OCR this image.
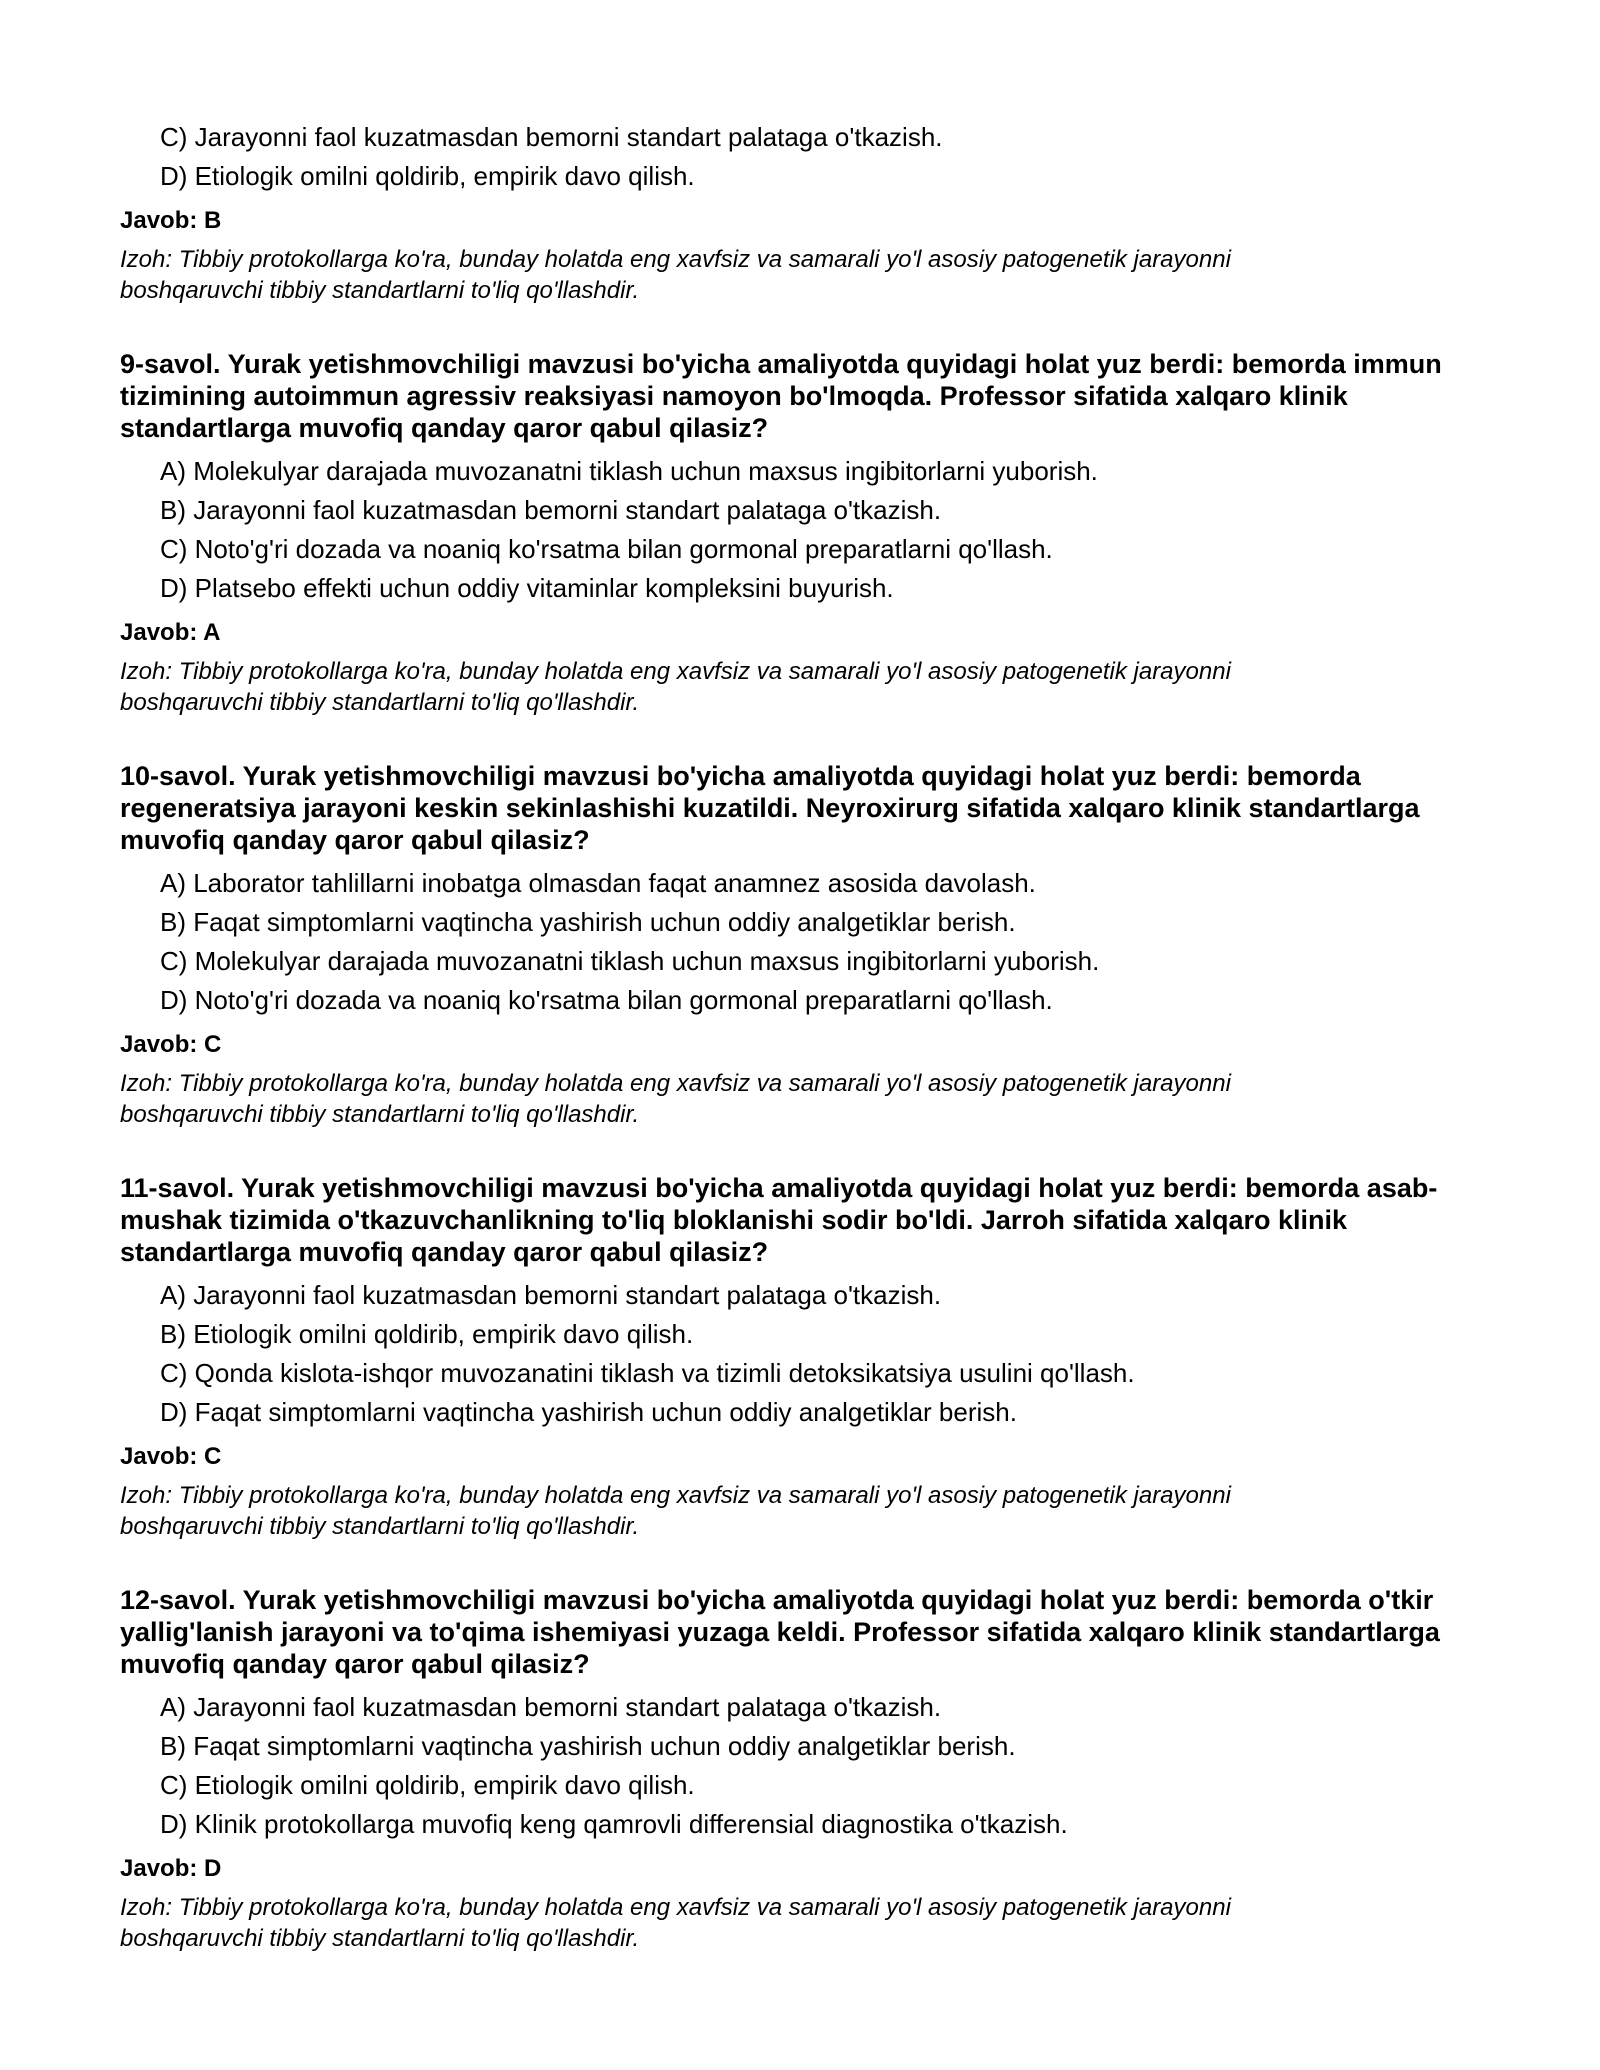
C) Jarayonni faol kuzatmasdan bemorni standart palataga o'tkazish.
D) Etiologik omilni qoldirib, empirik davo qilish.
Javob: B
Izoh: Tibbiy protokollarga ko'ra, bunday holatda eng xavfsiz va samarali yo'l asosiy patogenetik jarayonni boshqaruvchi tibbiy standartlarni to'liq qo'llashdir.
9-savol. Yurak yetishmovchiligi mavzusi bo'yicha amaliyotda quyidagi holat yuz berdi: bemorda immun tizimining autoimmun agressiv reaksiyasi namoyon bo'lmoqda. Professor sifatida xalqaro klinik standartlarga muvofiq qanday qaror qabul qilasiz?
A) Molekulyar darajada muvozanatni tiklash uchun maxsus ingibitorlarni yuborish.
B) Jarayonni faol kuzatmasdan bemorni standart palataga o'tkazish.
C) Noto'g'ri dozada va noaniq ko'rsatma bilan gormonal preparatlarni qo'llash.
D) Platsebo effekti uchun oddiy vitaminlar kompleksini buyurish.
Javob: A
Izoh: Tibbiy protokollarga ko'ra, bunday holatda eng xavfsiz va samarali yo'l asosiy patogenetik jarayonni boshqaruvchi tibbiy standartlarni to'liq qo'llashdir.
10-savol. Yurak yetishmovchiligi mavzusi bo'yicha amaliyotda quyidagi holat yuz berdi: bemorda regeneratsiya jarayoni keskin sekinlashishi kuzatildi. Neyroxirurg sifatida xalqaro klinik standartlarga muvofiq qanday qaror qabul qilasiz?
A) Laborator tahlillarni inobatga olmasdan faqat anamnez asosida davolash.
B) Faqat simptomlarni vaqtincha yashirish uchun oddiy analgetiklar berish.
C) Molekulyar darajada muvozanatni tiklash uchun maxsus ingibitorlarni yuborish.
D) Noto'g'ri dozada va noaniq ko'rsatma bilan gormonal preparatlarni qo'llash.
Javob: C
Izoh: Tibbiy protokollarga ko'ra, bunday holatda eng xavfsiz va samarali yo'l asosiy patogenetik jarayonni boshqaruvchi tibbiy standartlarni to'liq qo'llashdir.
11-savol. Yurak yetishmovchiligi mavzusi bo'yicha amaliyotda quyidagi holat yuz berdi: bemorda asab-mushak tizimida o'tkazuvchanlikning to'liq bloklanishi sodir bo'ldi. Jarroh sifatida xalqaro klinik standartlarga muvofiq qanday qaror qabul qilasiz?
A) Jarayonni faol kuzatmasdan bemorni standart palataga o'tkazish.
B) Etiologik omilni qoldirib, empirik davo qilish.
C) Qonda kislota-ishqor muvozanatini tiklash va tizimli detoksikatsiya usulini qo'llash.
D) Faqat simptomlarni vaqtincha yashirish uchun oddiy analgetiklar berish.
Javob: C
Izoh: Tibbiy protokollarga ko'ra, bunday holatda eng xavfsiz va samarali yo'l asosiy patogenetik jarayonni boshqaruvchi tibbiy standartlarni to'liq qo'llashdir.
12-savol. Yurak yetishmovchiligi mavzusi bo'yicha amaliyotda quyidagi holat yuz berdi: bemorda o'tkir yallig'lanish jarayoni va to'qima ishemiyasi yuzaga keldi. Professor sifatida xalqaro klinik standartlarga muvofiq qanday qaror qabul qilasiz?
A) Jarayonni faol kuzatmasdan bemorni standart palataga o'tkazish.
B) Faqat simptomlarni vaqtincha yashirish uchun oddiy analgetiklar berish.
C) Etiologik omilni qoldirib, empirik davo qilish.
D) Klinik protokollarga muvofiq keng qamrovli differensial diagnostika o'tkazish.
Javob: D
Izoh: Tibbiy protokollarga ko'ra, bunday holatda eng xavfsiz va samarali yo'l asosiy patogenetik jarayonni boshqaruvchi tibbiy standartlarni to'liq qo'llashdir.
